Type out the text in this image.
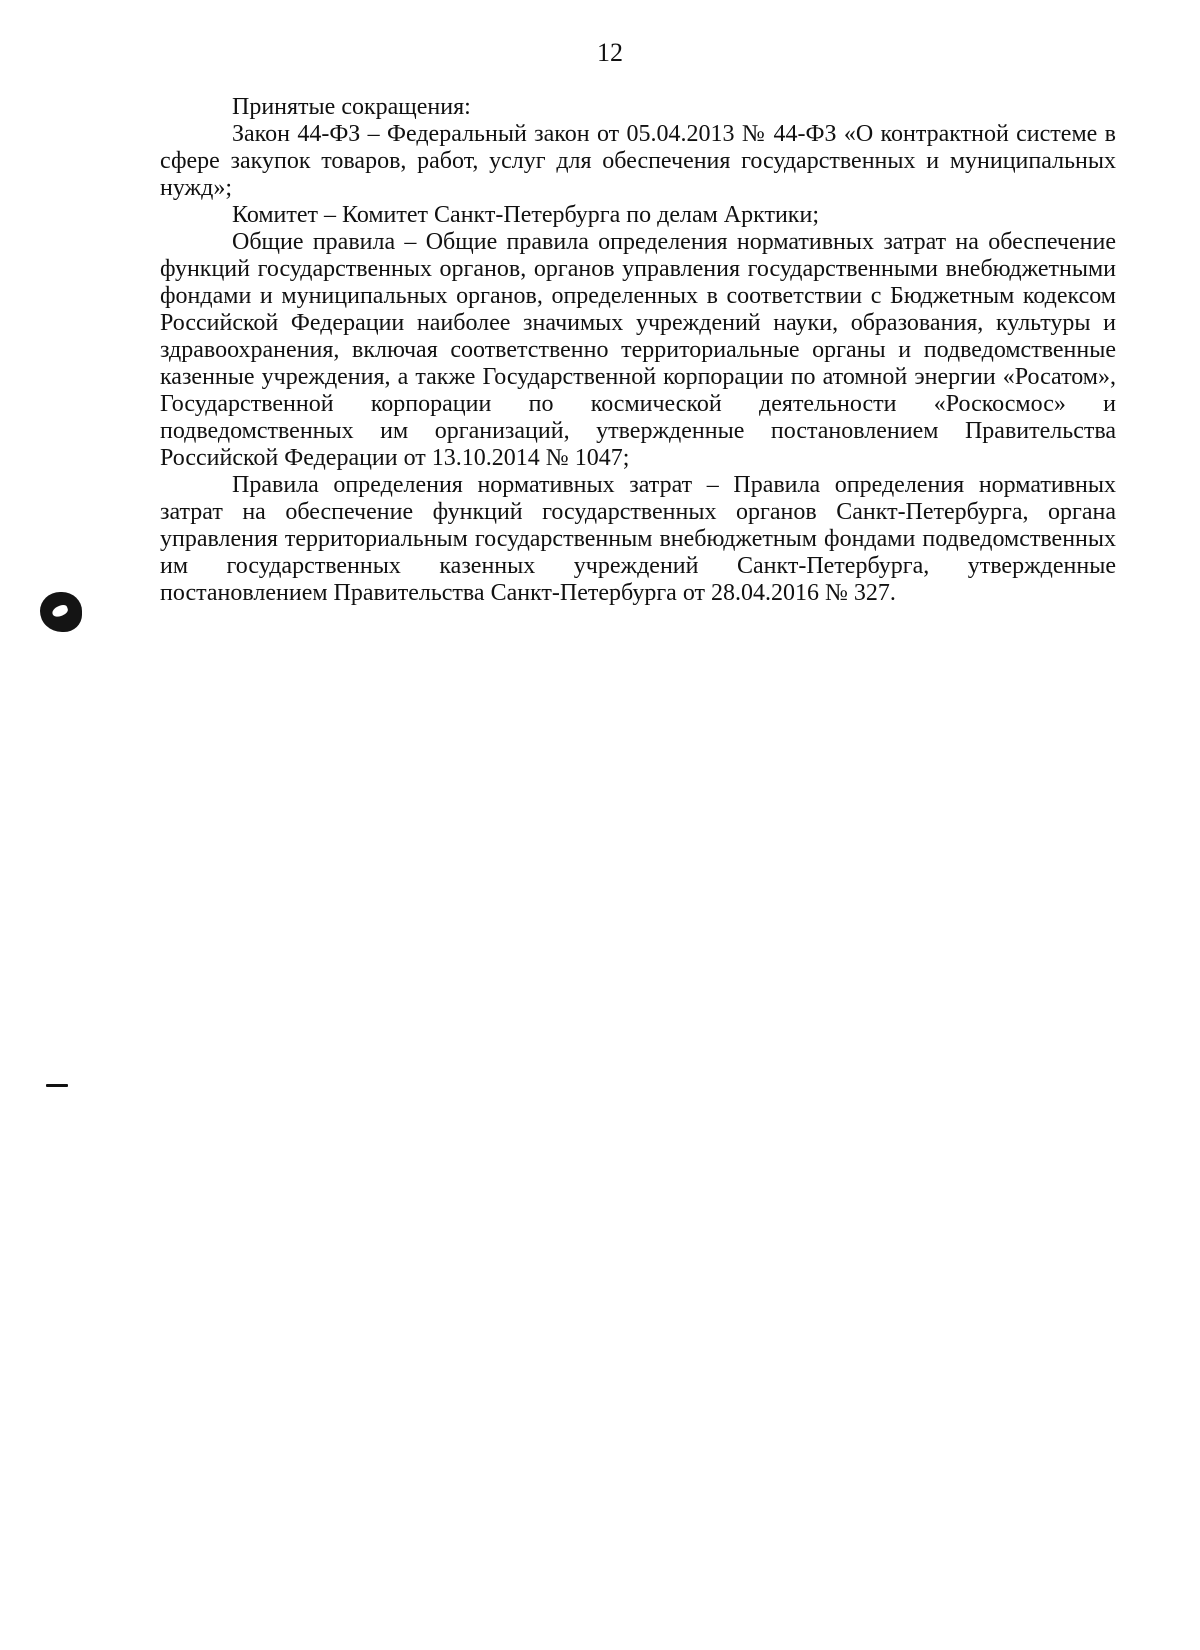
12

Принятые сокращения:

Закон 44-ФЗ – Федеральный закон от 05.04.2013 № 44-ФЗ «О контрактной системе в сфере закупок товаров, работ, услуг для обеспечения государственных и муниципальных нужд»;

Комитет – Комитет Санкт-Петербурга по делам Арктики;

Общие правила – Общие правила определения нормативных затрат на обеспечение функций государственных органов, органов управления государственными внебюджетными фондами и муниципальных органов, определенных в соответствии с Бюджетным кодексом Российской Федерации наиболее значимых учреждений науки, образования, культуры и здравоохранения, включая соответственно территориальные органы и подведомственные казенные учреждения, а также Государственной корпорации по атомной энергии «Росатом», Государственной корпорации по космической деятельности «Роскосмос» и подведомственных им организаций, утвержденные постановлением Правительства Российской Федерации от 13.10.2014 № 1047;

Правила определения нормативных затрат – Правила определения нормативных затрат на обеспечение функций государственных органов Санкт-Петербурга, органа управления территориальным государственным внебюджетным фондами подведомственных им государственных казенных учреждений Санкт-Петербурга, утвержденные постановлением Правительства Санкт-Петербурга от 28.04.2016 № 327.
